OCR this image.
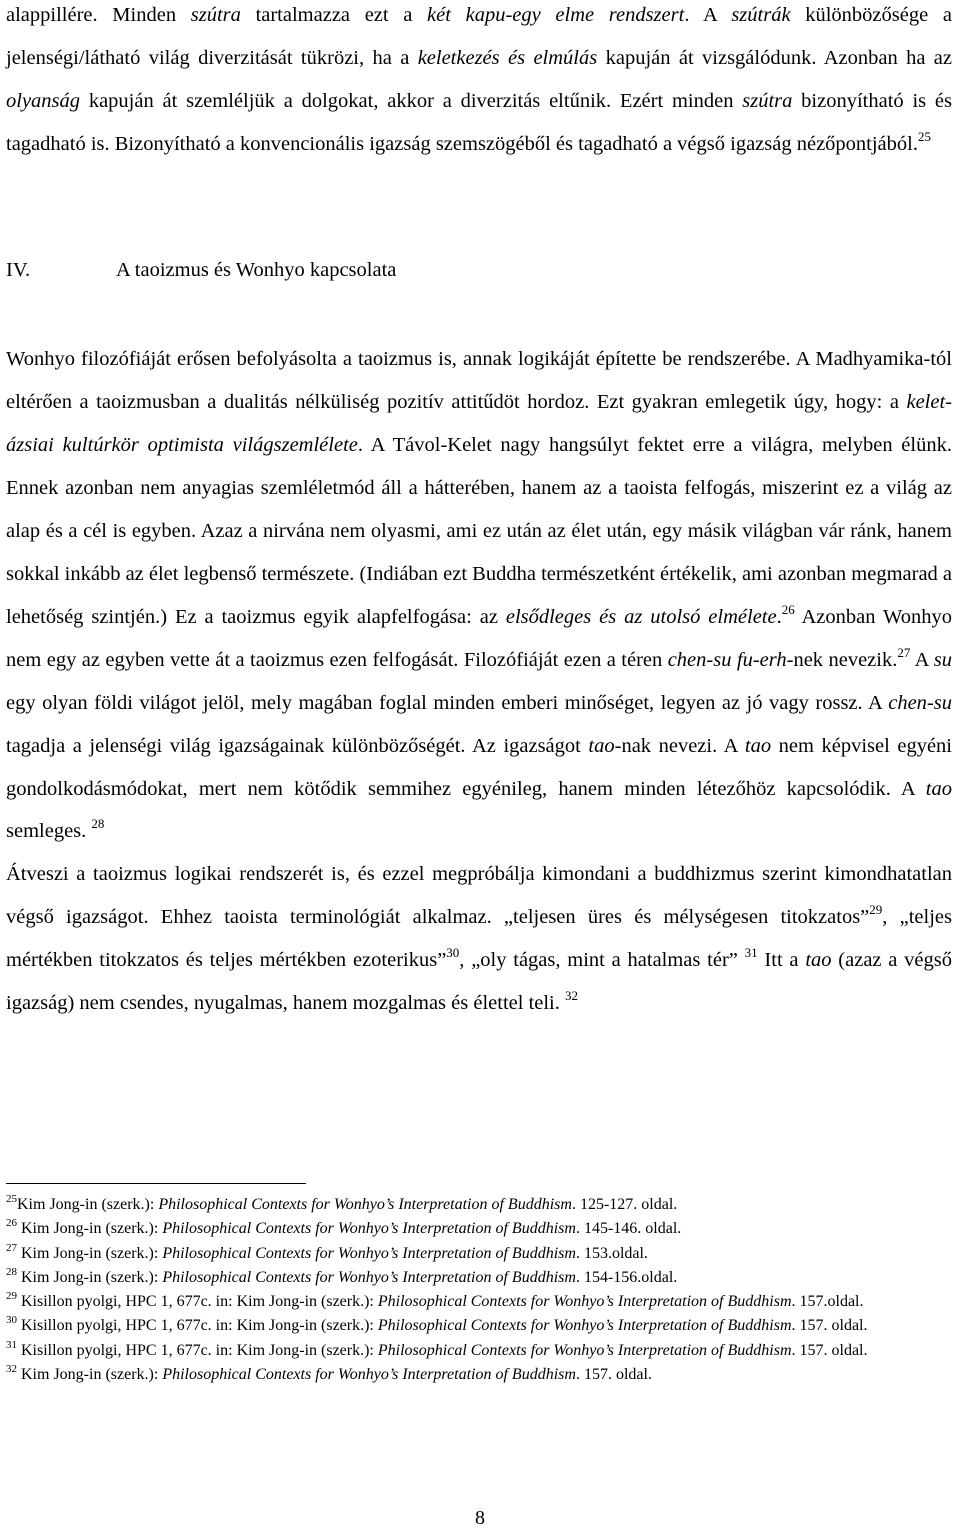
alappillére. Minden szútra tartalmazza ezt a két kapu-egy elme rendszert. A szútrák különbözősége a jelenségi/látható világ diverzitását tükrözi, ha a keletkezés és elmúlás kapuján át vizsgálódunk. Azonban ha az olyanság kapuján át szemléljük a dolgokat, akkor a diverzitás eltűnik. Ezért minden szútra bizonyítható is és tagadható is. Bizonyítható a konvencionális igazság szemszögéből és tagadható a végső igazság nézőpontjából.$^{25}$

IV.	A taoizmus és Wonhyo kapcsolata

Wonhyo filozófiáját erősen befolyásolta a taoizmus is, annak logikáját építette be rendszerébe. A Madhyamika-tól eltérően a taoizmusban a dualitás nélküliség pozitív attitűdöt hordoz. Ezt gyakran emlegetik úgy, hogy: a kelet-ázsiai kultúrkör optimista világszemlélete. A Távol-Kelet nagy hangsúlyt fektet erre a világra, melyben élünk. Ennek azonban nem anyagias szemléletmód áll a hátterében, hanem az a taoista felfogás, miszerint ez a világ az alap és a cél is egyben. Azaz a nirvána nem olyasmi, ami ez után az élet után, egy másik világban vár ránk, hanem sokkal inkább az élet legbenső természete. (Indiában ezt Buddha természetként értékelik, ami azonban megmarad a lehetőség szintjén.) Ez a taoizmus egyik alapfelfogása: az elsődleges és az utolsó elmélete.$^{26}$ Azonban Wonhyo nem egy az egyben vette át a taoizmus ezen felfogását. Filozófiáját ezen a téren chen-su fu-erh-nek nevezik.$^{27}$ A su egy olyan földi világot jelöl, mely magában foglal minden emberi minőséget, legyen az jó vagy rossz. A chen-su tagadja a jelenségi világ igazságainak különbözőségét. Az igazságot tao-nak nevezi. A tao nem képvisel egyéni gondolkodásmódokat, mert nem kötődik semmihez egyénileg, hanem minden létezőhöz kapcsolódik. A tao semleges. $^{28}$

Átveszi a taoizmus logikai rendszerét is, és ezzel megpróbálja kimondani a buddhizmus szerint kimondhatatlan végső igazságot. Ehhez taoista terminológiát alkalmaz. „teljesen üres és mélységesen titokzatos”$^{29}$, „teljes mértékben titokzatos és teljes mértékben ezoterikus”$^{30}$, „oly tágas, mint a hatalmas tér” $^{31}$ Itt a tao (azaz a végső igazság) nem csendes, nyugalmas, hanem mozgalmas és élettel teli. $^{32}$

$^{25}$Kim Jong-in (szerk.): Philosophical Contexts for Wonhyo’s Interpretation of Buddhism. 125-127. oldal.
$^{26}$ Kim Jong-in (szerk.): Philosophical Contexts for Wonhyo’s Interpretation of Buddhism. 145-146. oldal.
$^{27}$ Kim Jong-in (szerk.): Philosophical Contexts for Wonhyo’s Interpretation of Buddhism. 153.oldal.
$^{28}$ Kim Jong-in (szerk.): Philosophical Contexts for Wonhyo’s Interpretation of Buddhism. 154-156.oldal.
$^{29}$ Kisillon pyolgi, HPC 1, 677c. in: Kim Jong-in (szerk.): Philosophical Contexts for Wonhyo’s Interpretation of Buddhism. 157.oldal.
$^{30}$ Kisillon pyolgi, HPC 1, 677c. in: Kim Jong-in (szerk.): Philosophical Contexts for Wonhyo’s Interpretation of Buddhism. 157. oldal.
$^{31}$ Kisillon pyolgi, HPC 1, 677c. in: Kim Jong-in (szerk.): Philosophical Contexts for Wonhyo’s Interpretation of Buddhism. 157. oldal.
$^{32}$ Kim Jong-in (szerk.): Philosophical Contexts for Wonhyo’s Interpretation of Buddhism. 157. oldal.
8
